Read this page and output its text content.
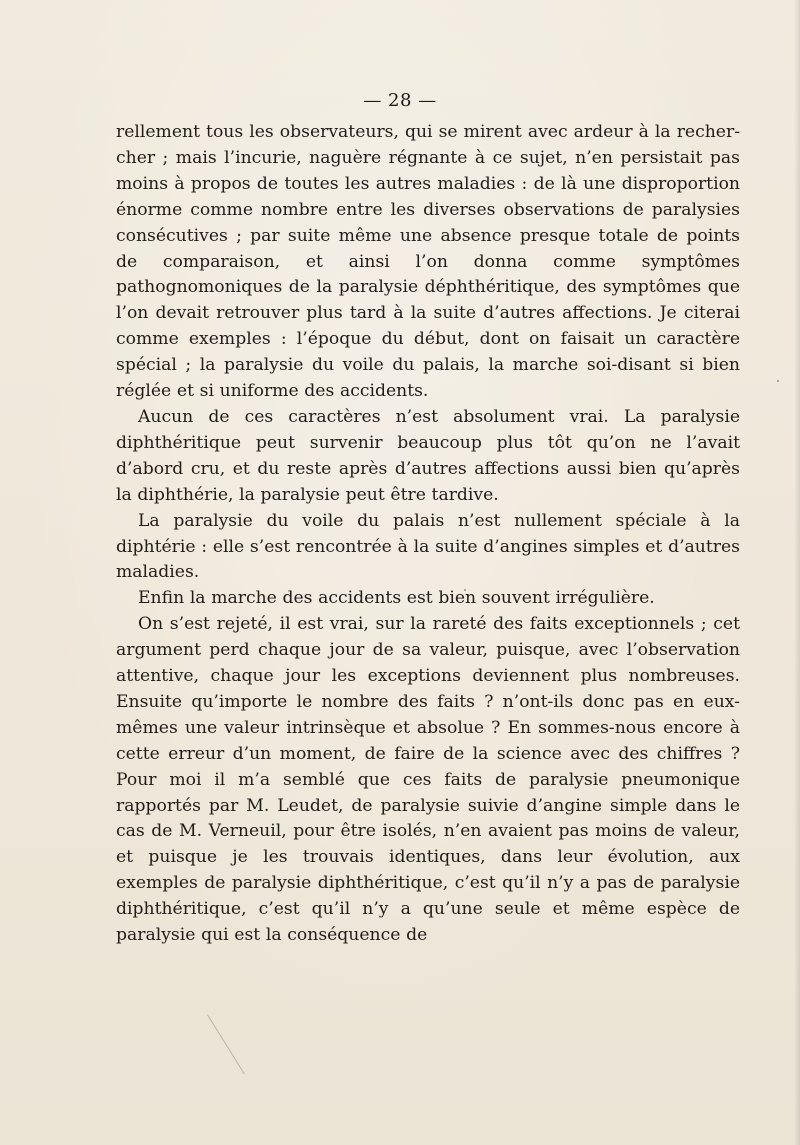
— 28 —

rellement tous les observateurs, qui se mirent avec ardeur à la rechercher ; mais l’incurie, naguère régnante à ce sujet, n’en persistait pas moins à propos de toutes les autres maladies : de là une disproportion énorme comme nombre entre les diverses observations de paralysies consécutives ; par suite même une absence presque totale de points de comparaison, et ainsi l’on donna comme symptômes pathognomoniques de la paralysie déphthéritique, des symptômes que l’on devait retrouver plus tard à la suite d’autres affections. Je citerai comme exemples : l’époque du début, dont on faisait un caractère spécial ; la paralysie du voile du palais, la marche soi-disant si bien réglée et si uniforme des accidents.

Aucun de ces caractères n’est absolument vrai. La paralysie diphthéritique peut survenir beaucoup plus tôt qu’on ne l’avait d’abord cru, et du reste après d’autres affections aussi bien qu’après la diphthérie, la paralysie peut être tardive.

La paralysie du voile du palais n’est nullement spéciale à la diphtérie : elle s’est rencontrée à la suite d’angines simples et d’autres maladies.

Enfin la marche des accidents est bien souvent irrégulière.

On s’est rejeté, il est vrai, sur la rareté des faits exceptionnels ; cet argument perd chaque jour de sa valeur, puisque, avec l’observation attentive, chaque jour les exceptions deviennent plus nombreuses. Ensuite qu’importe le nombre des faits ? n’ont-ils donc pas en eux-mêmes une valeur intrinsèque et absolue ? En sommes-nous encore à cette erreur d’un moment, de faire de la science avec des chiffres ? Pour moi il m’a semblé que ces faits de paralysie pneumonique rapportés par M. Leudet, de paralysie suivie d’angine simple dans le cas de M. Verneuil, pour être isolés, n’en avaient pas moins de valeur, et puisque je les trouvais identiques, dans leur évolution, aux exemples de paralysie diphthéritique, c’est qu’il n’y a pas de paralysie diphthéritique, c’est qu’il n’y a qu’une seule et même espèce de paralysie qui est la conséquence de
